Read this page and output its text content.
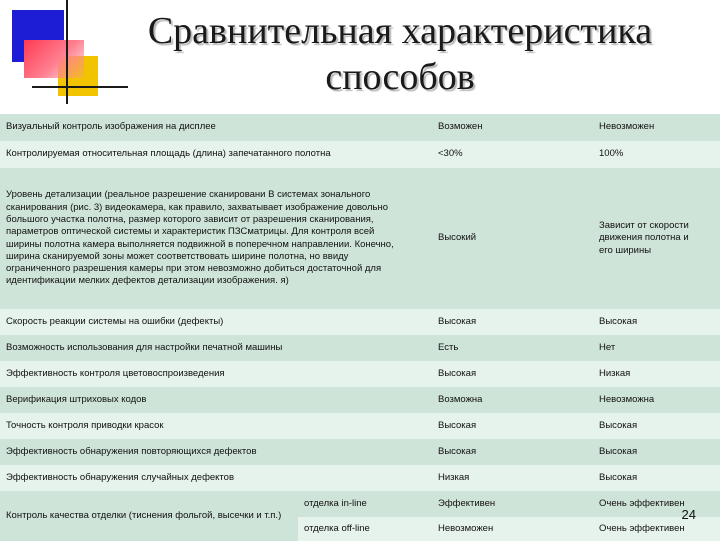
Сравнительная характеристика
способов
Визуальный контроль изображения на дисплее		Возможен	Невозможен
Контролируемая относительная площадь (длина) запечатанного полотна		<30%	100%
Уровень детализации (реальное разрешение сканировани В системах зонального сканирования (рис. 3) видеокамера, как правило, захватывает изображение довольно большого участка полотна, размер которого зависит от разрешения сканирования, параметров оптической системы и характеристик ПЗСматрицы. Для контроля всей ширины полотна камера выполняется подвижной в поперечном направлении. Конечно, ширина сканируемой зоны может соответствовать ширине полотна, но ввиду ограниченного разрешения камеры при этом невозможно добиться достаточной для идентификации мелких дефектов детализации изображения. я)		Высокий	Зависит от скорости движения полотна и его ширины
Скорость реакции системы на ошибки (дефекты)		Высокая	Высокая
Возможность использования для настройки печатной машины		Есть	Нет
Эффективность контроля цветовоспроизведения		Высокая	Низкая
Верификация штриховых кодов		Возможна	Невозможна
Точность контроля приводки красок		Высокая	Высокая
Эффективность обнаружения повторяющихся дефектов		Высокая	Высокая
Эффективность обнаружения случайных дефектов		Низкая	Высокая
Контроль качества отделки (тиснения фольгой, высечки и т.п.)	отделка in-line	Эффективен	Очень эффективен
	отделка off-line	Невозможен	Очень эффективен
24
